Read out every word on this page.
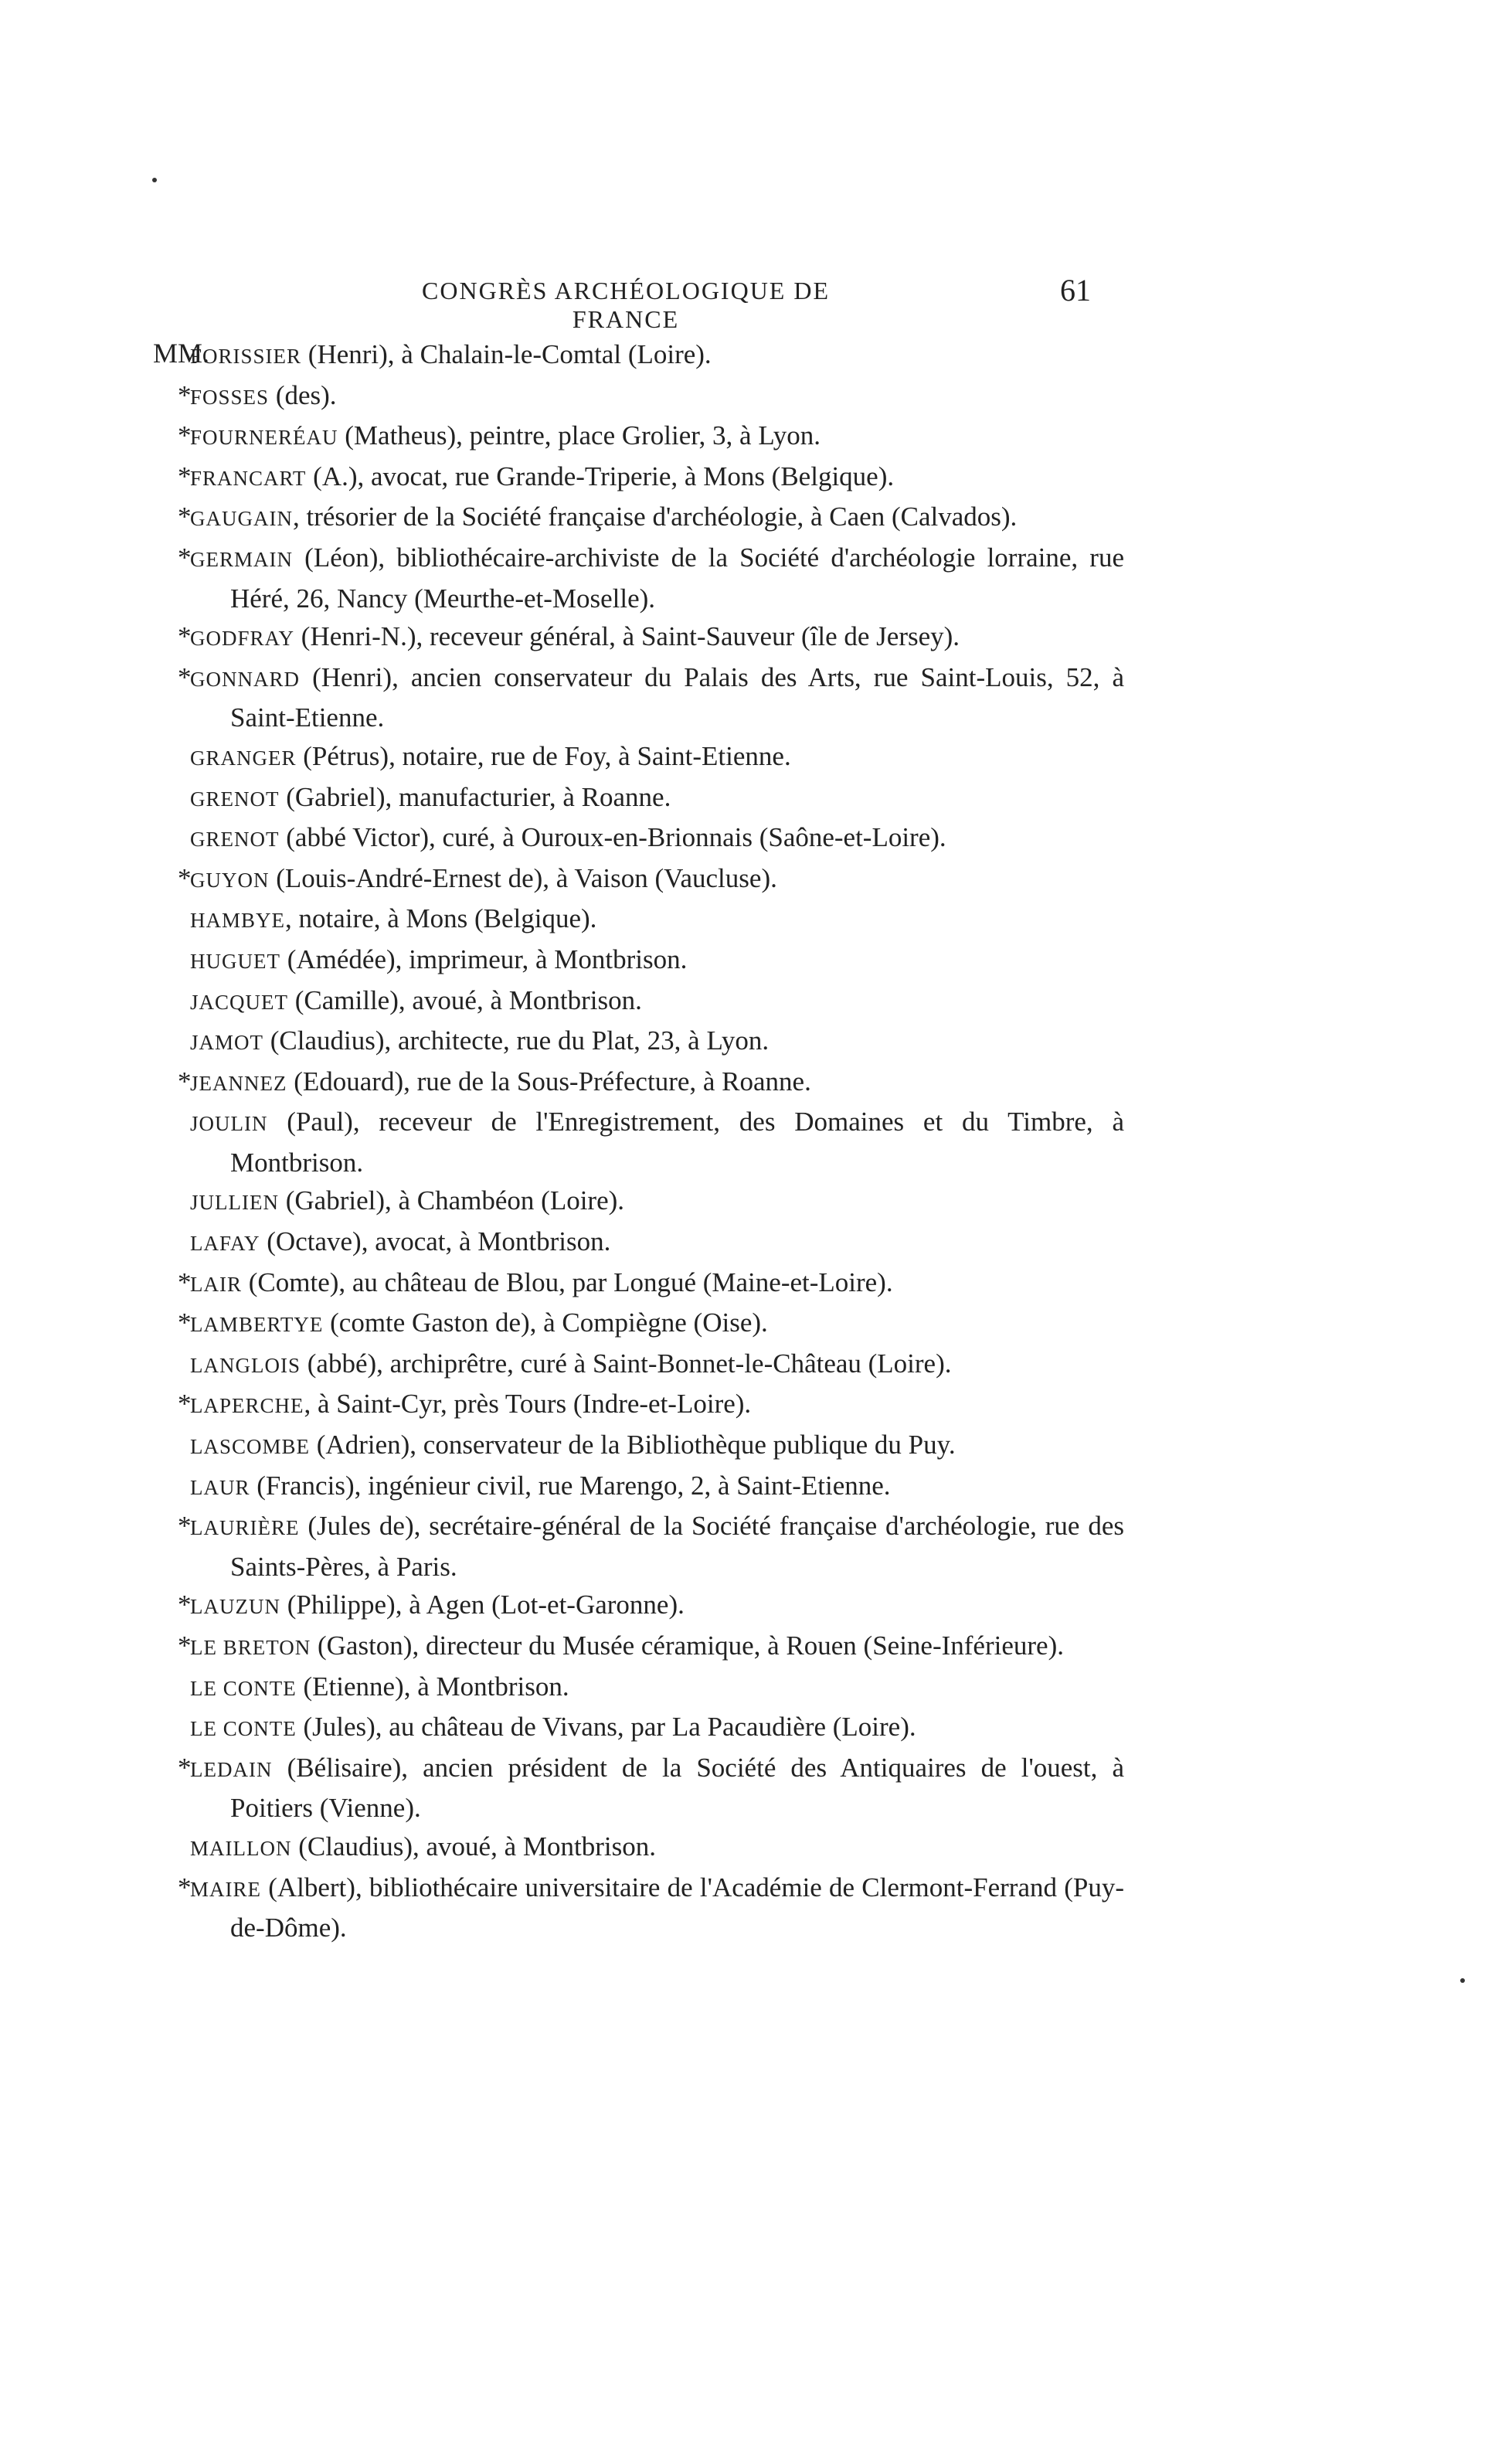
CONGRÈS ARCHÉOLOGIQUE DE FRANCE
61
MM.
FORISSIER (Henri), à Chalain-le-Comtal (Loire).
*FOSSES (des).
*FOURNERÉAU (Matheus), peintre, place Grolier, 3, à Lyon.
*FRANCART (A.), avocat, rue Grande-Triperie, à Mons (Belgique).
*GAUGAIN, trésorier de la Société française d'archéologie, à Caen (Calvados).
*GERMAIN (Léon), bibliothécaire-archiviste de la Société d'archéologie lorraine, rue Héré, 26, Nancy (Meurthe-et-Moselle).
*GODFRAY (Henri-N.), receveur général, à Saint-Sauveur (île de Jersey).
*GONNARD (Henri), ancien conservateur du Palais des Arts, rue Saint-Louis, 52, à Saint-Etienne.
GRANGER (Pétrus), notaire, rue de Foy, à Saint-Etienne.
GRENOT (Gabriel), manufacturier, à Roanne.
GRENOT (abbé Victor), curé, à Ouroux-en-Brionnais (Saône-et-Loire).
*GUYON (Louis-André-Ernest de), à Vaison (Vaucluse).
HAMBYE, notaire, à Mons (Belgique).
HUGUET (Amédée), imprimeur, à Montbrison.
JACQUET (Camille), avoué, à Montbrison.
JAMOT (Claudius), architecte, rue du Plat, 23, à Lyon.
*JEANNEZ (Edouard), rue de la Sous-Préfecture, à Roanne.
JOULIN (Paul), receveur de l'Enregistrement, des Domaines et du Timbre, à Montbrison.
JULLIEN (Gabriel), à Chambéon (Loire).
LAFAY (Octave), avocat, à Montbrison.
*LAIR (Comte), au château de Blou, par Longué (Maine-et-Loire).
*LAMBERTYE (comte Gaston de), à Compiègne (Oise).
LANGLOIS (abbé), archiprêtre, curé à Saint-Bonnet-le-Château (Loire).
*LAPERCHE, à Saint-Cyr, près Tours (Indre-et-Loire).
LASCOMBE (Adrien), conservateur de la Bibliothèque publique du Puy.
LAUR (Francis), ingénieur civil, rue Marengo, 2, à Saint-Etienne.
*LAURIÈRE (Jules de), secrétaire-général de la Société française d'archéologie, rue des Saints-Pères, à Paris.
*LAUZUN (Philippe), à Agen (Lot-et-Garonne).
*LE BRETON (Gaston), directeur du Musée céramique, à Rouen (Seine-Inférieure).
LE CONTE (Etienne), à Montbrison.
LE CONTE (Jules), au château de Vivans, par La Pacaudière (Loire).
*LEDAIN (Bélisaire), ancien président de la Société des Antiquaires de l'ouest, à Poitiers (Vienne).
MAILLON (Claudius), avoué, à Montbrison.
*MAIRE (Albert), bibliothécaire universitaire de l'Académie de Clermont-Ferrand (Puy-de-Dôme).
